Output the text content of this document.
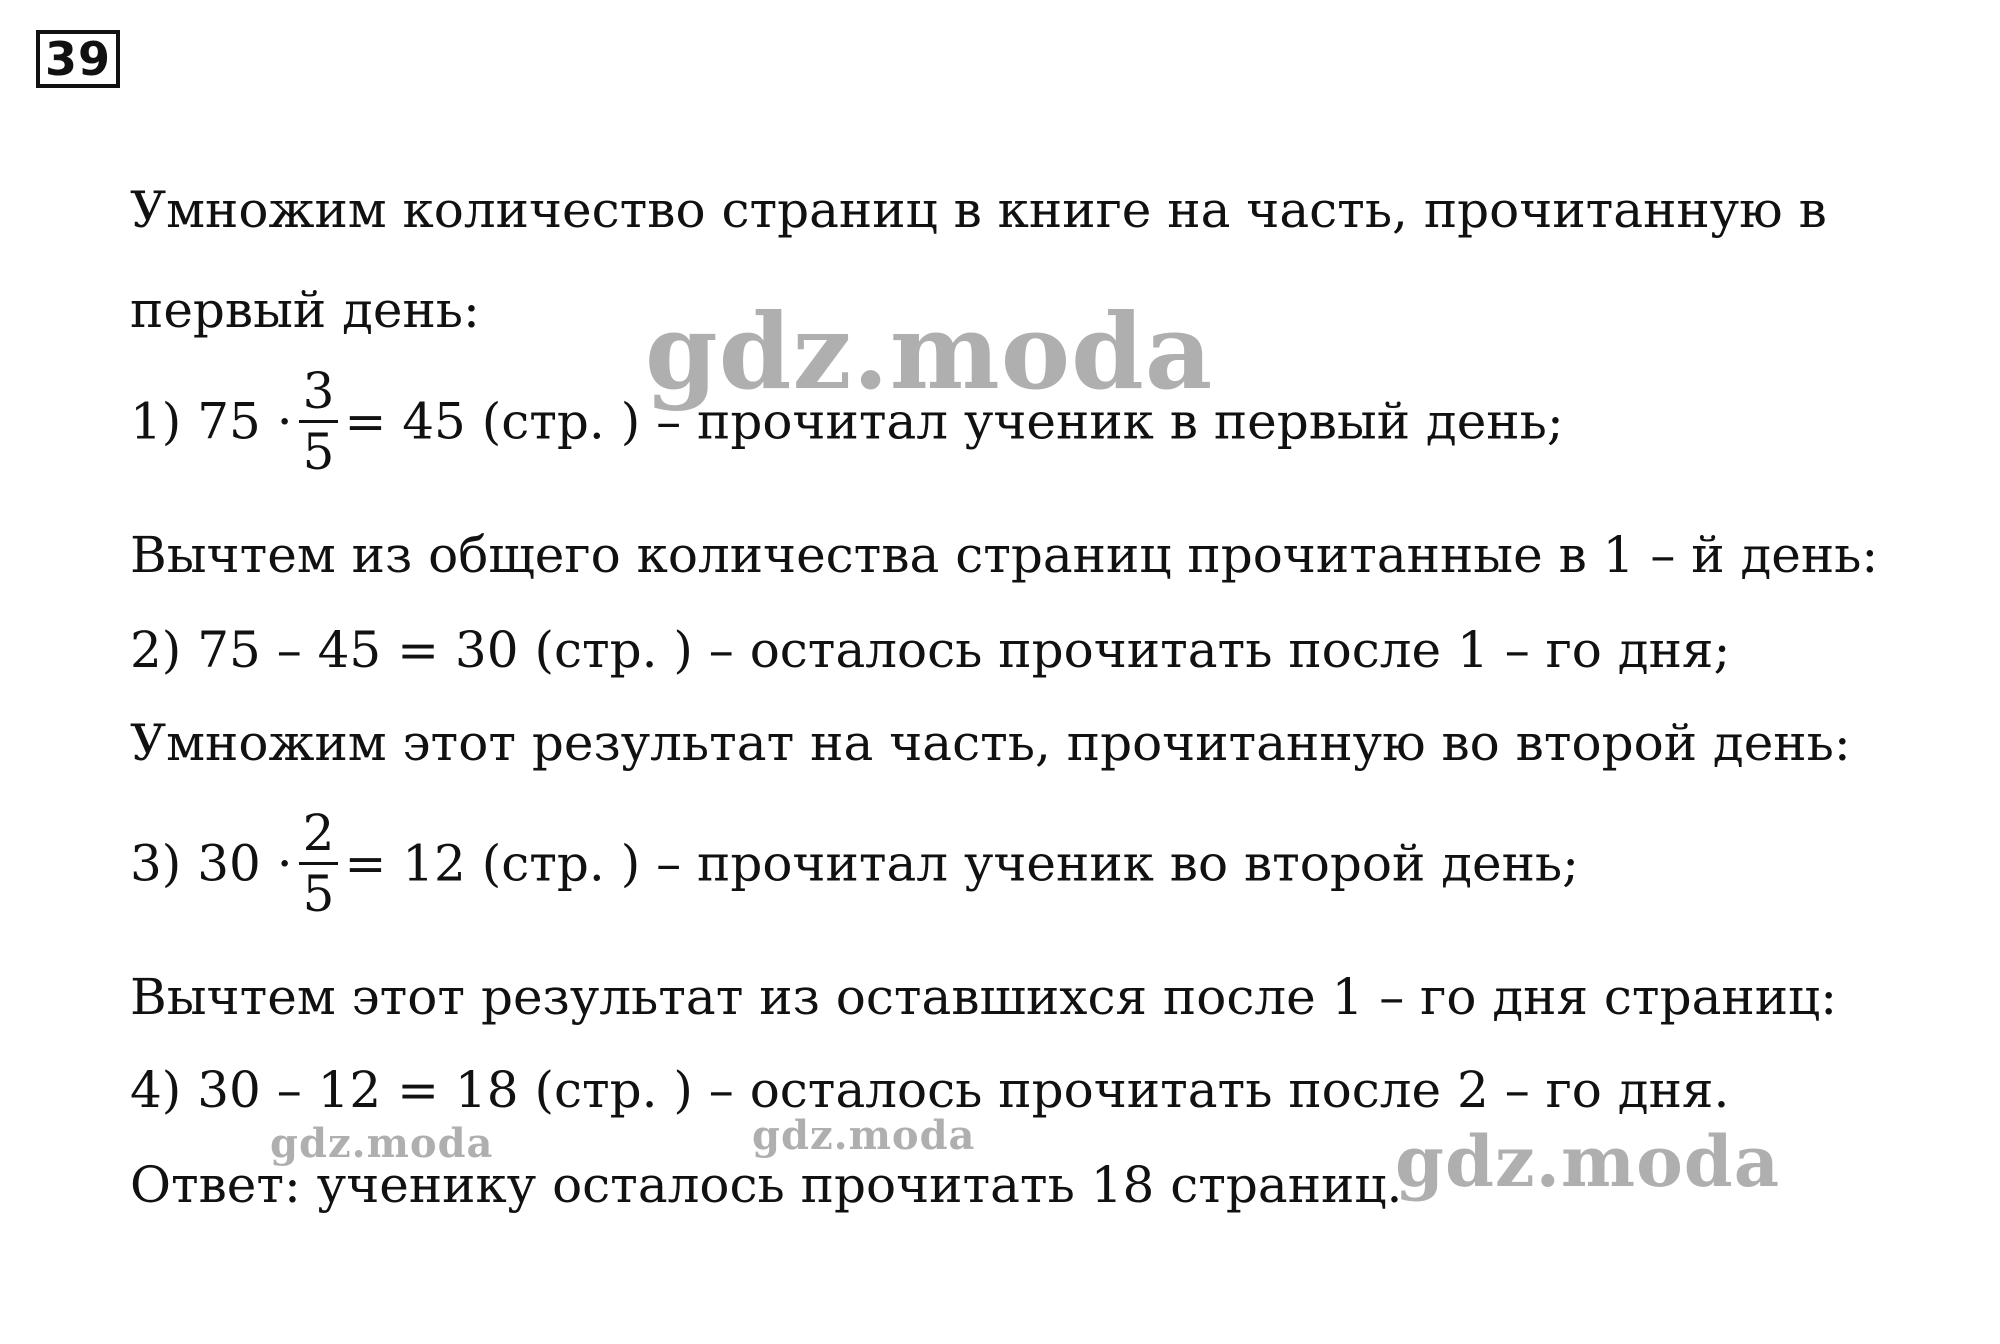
39
Умножим количество страниц в книге на часть, прочитанную в
первый день:
1) $75 \cdot \frac{3}{5} = 45$ (стр. ) – прочитал ученик в первый день;
Вычтем из общего количества страниц прочитанные в 1 – й день:
2) 75 – 45 = 30 (стр. ) – осталось прочитать после 1 – го дня;
Умножим этот результат на часть, прочитанную во второй день:
3) $30 \cdot \frac{2}{5} = 12$ (стр. ) – прочитал ученик во второй день;
Вычтем этот результат из оставшихся после 1 – го дня страниц:
4) 30 – 12 = 18 (стр. ) – осталось прочитать после 2 – го дня.
Ответ: ученику осталось прочитать 18 страниц.
gdz.moda
gdz.moda	gdz.moda	gdz.moda
